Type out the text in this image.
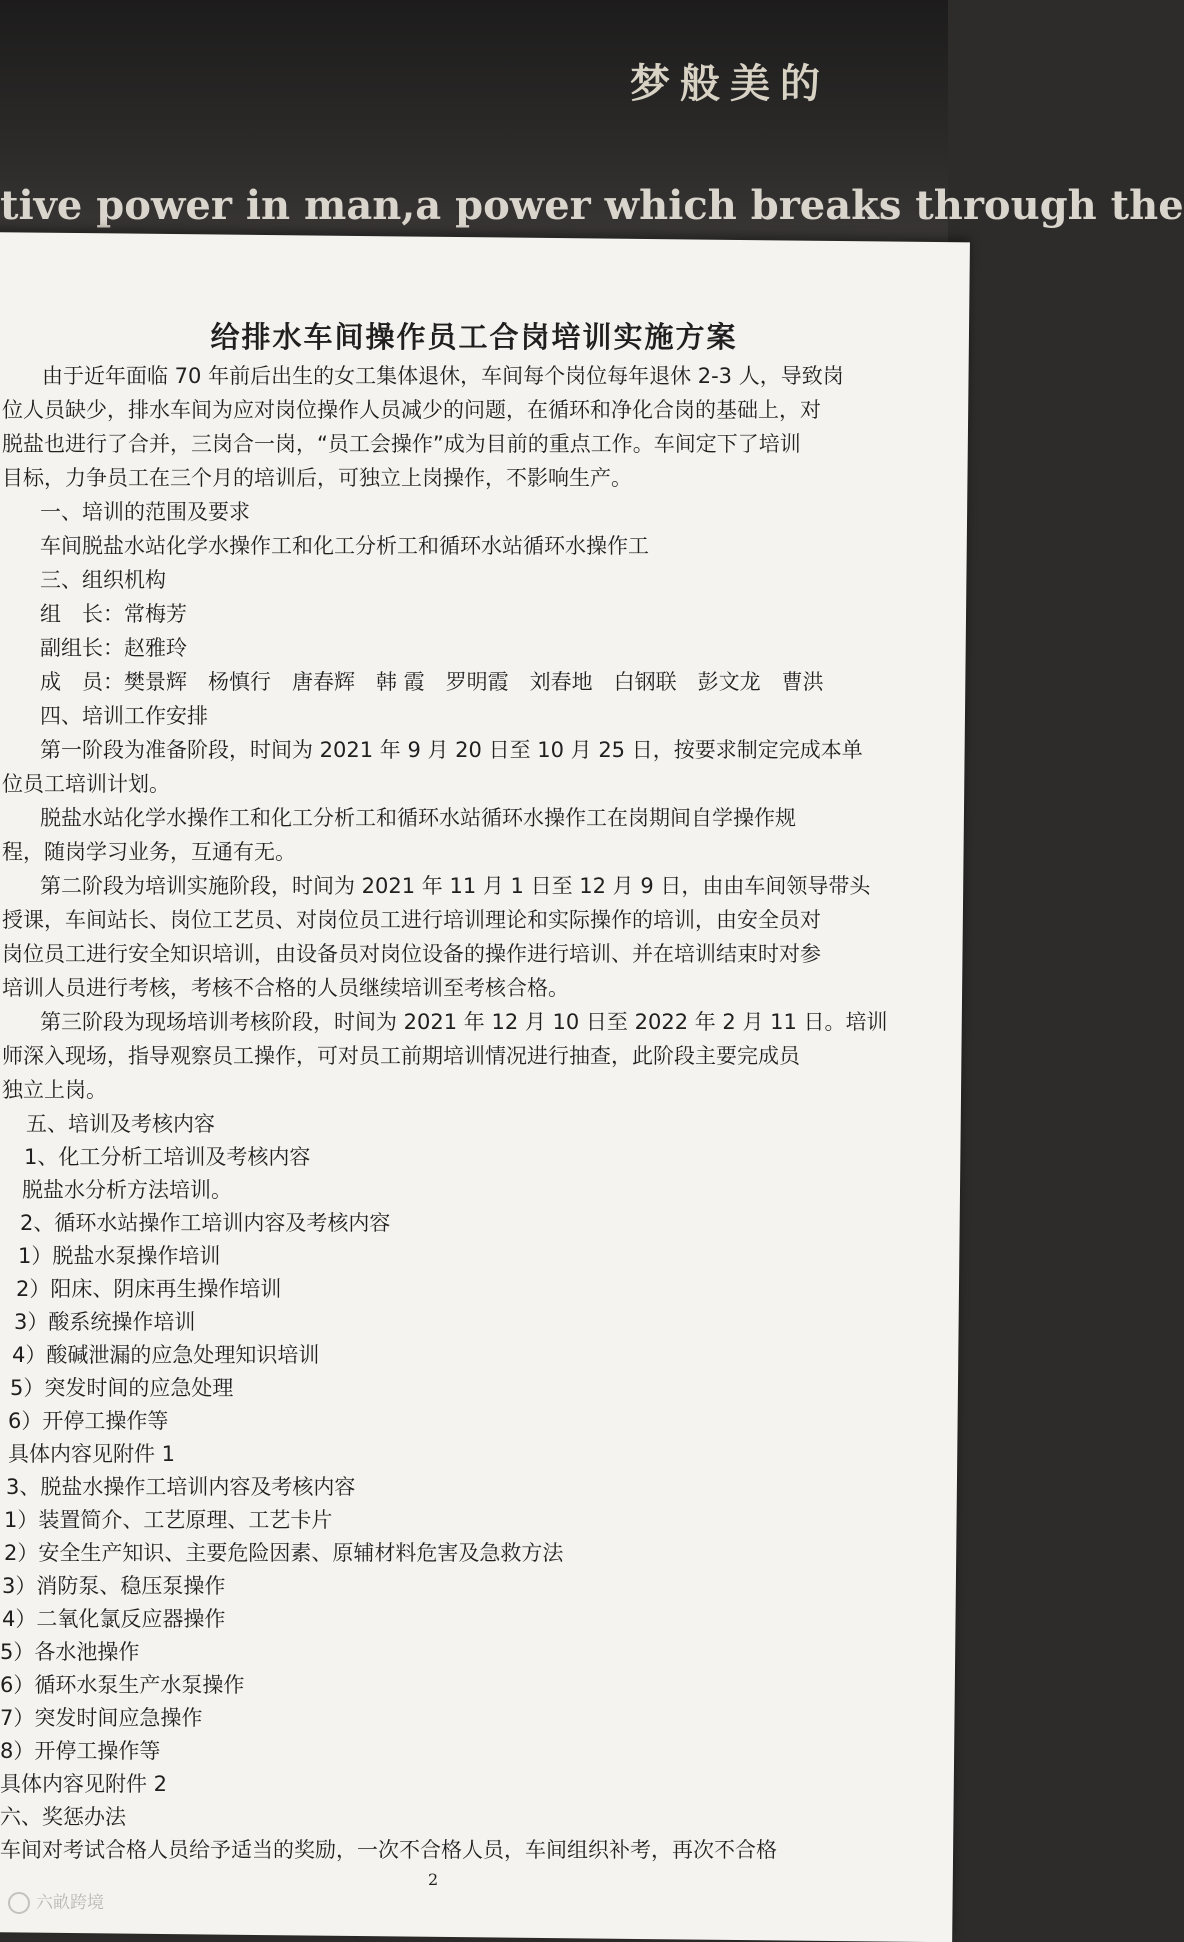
梦般美的
tive power in man,a power which breaks through the
给排水车间操作员工合岗培训实施方案
由于近年面临 70 年前后出生的女工集体退休，车间每个岗位每年退休 2-3 人，导致岗
位人员缺少，排水车间为应对岗位操作人员减少的问题，在循环和净化合岗的基础上，对
脱盐也进行了合并，三岗合一岗，“员工会操作”成为目前的重点工作。车间定下了培训
目标，力争员工在三个月的培训后，可独立上岗操作，不影响生产。
一、培训的范围及要求
车间脱盐水站化学水操作工和化工分析工和循环水站循环水操作工
三、组织机构
组　长：常梅芳
副组长：赵雅玲
成　员：樊景辉　杨慎行　唐春辉　韩 霞　罗明霞　刘春地　白钢联　彭文龙　曹洪
四、培训工作安排
第一阶段为准备阶段，时间为 2021 年 9 月 20 日至 10 月 25 日，按要求制定完成本单
位员工培训计划。
脱盐水站化学水操作工和化工分析工和循环水站循环水操作工在岗期间自学操作规
程，随岗学习业务，互通有无。
第二阶段为培训实施阶段，时间为 2021 年 11 月 1 日至 12 月 9 日，由由车间领导带头
授课，车间站长、岗位工艺员、对岗位员工进行培训理论和实际操作的培训，由安全员对
岗位员工进行安全知识培训，由设备员对岗位设备的操作进行培训、并在培训结束时对参
培训人员进行考核，考核不合格的人员继续培训至考核合格。
第三阶段为现场培训考核阶段，时间为 2021 年 12 月 10 日至 2022 年 2 月 11 日。培训
师深入现场，指导观察员工操作，可对员工前期培训情况进行抽查，此阶段主要完成员
独立上岗。
五、培训及考核内容
1、化工分析工培训及考核内容
脱盐水分析方法培训。
2、循环水站操作工培训内容及考核内容
1）脱盐水泵操作培训
2）阳床、阴床再生操作培训
3）酸系统操作培训
4）酸碱泄漏的应急处理知识培训
5）突发时间的应急处理
6）开停工操作等
具体内容见附件 1
3、脱盐水操作工培训内容及考核内容
1）装置简介、工艺原理、工艺卡片
2）安全生产知识、主要危险因素、原辅材料危害及急救方法
3）消防泵、稳压泵操作
4）二氧化氯反应器操作
5）各水池操作
6）循环水泵生产水泵操作
7）突发时间应急操作
8）开停工操作等
具体内容见附件 2
六、奖惩办法
车间对考试合格人员给予适当的奖励，一次不合格人员，车间组织补考，再次不合格
2
六畝跨境
